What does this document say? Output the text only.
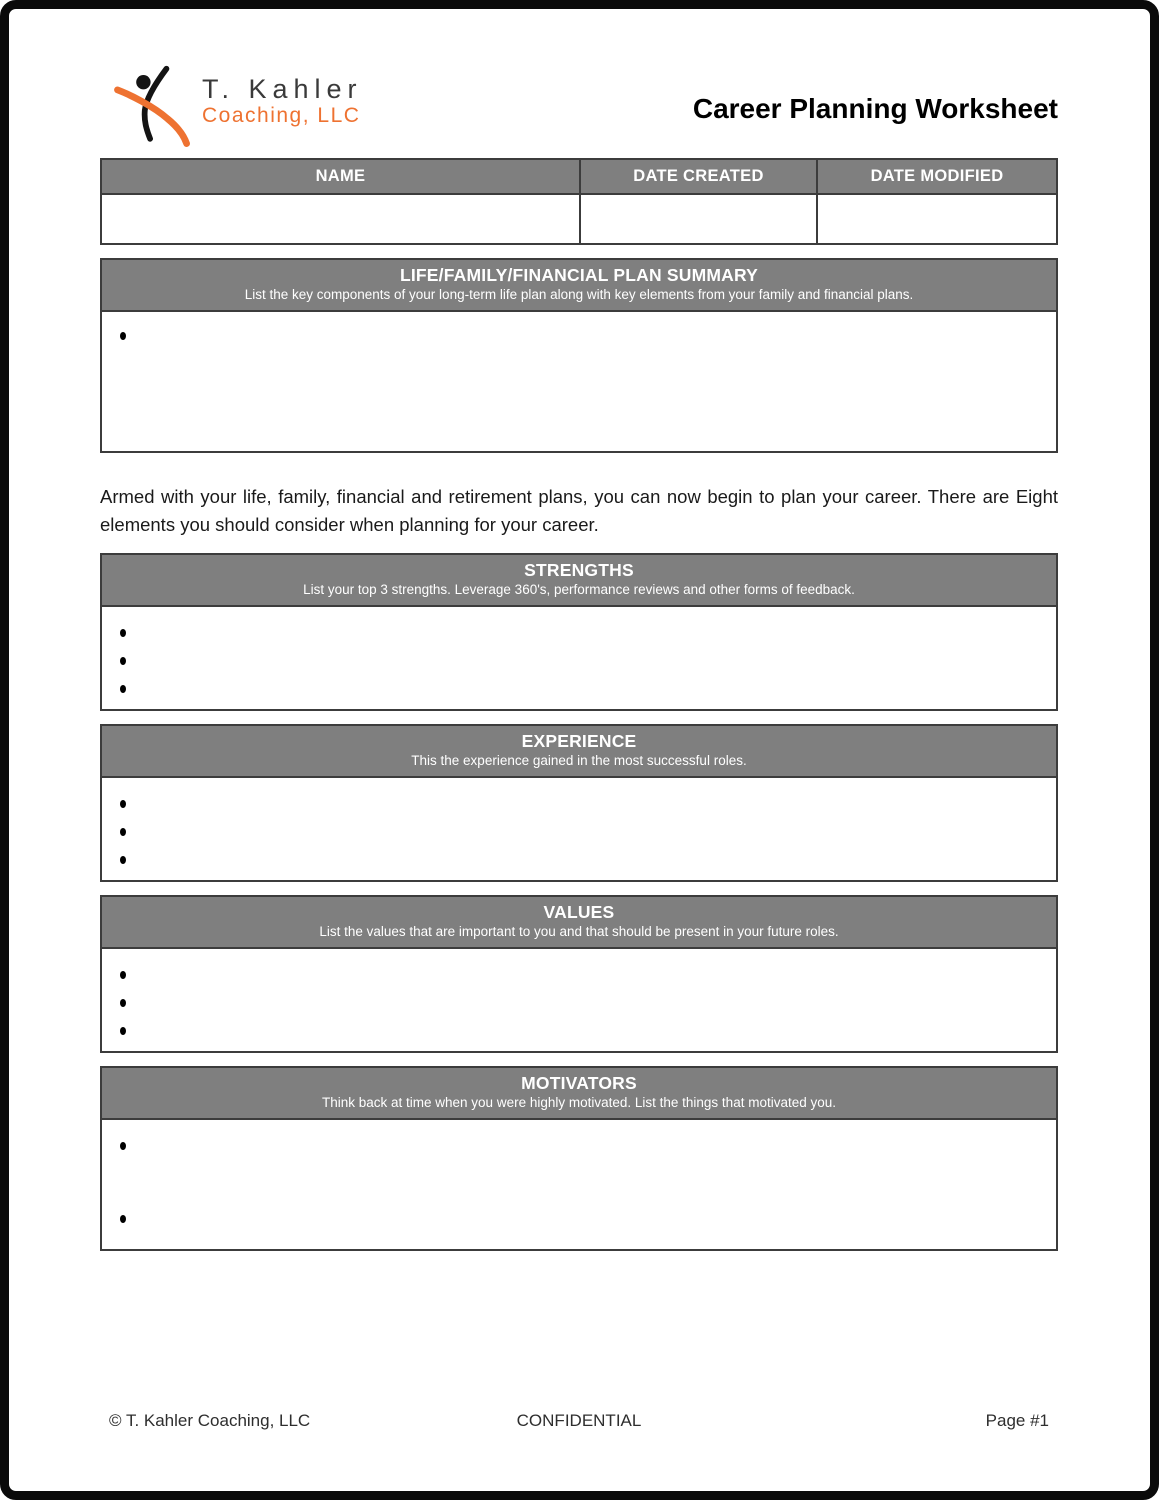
T. Kahler
Coaching, LLC	Career Planning Worksheet
NAME	DATE CREATED	DATE MODIFIED

LIFE/FAMILY/FINANCIAL PLAN SUMMARY
List the key components of your long-term life plan along with key elements from your family and financial plans.

Armed with your life, family, financial and retirement plans, you can now begin to plan your career. There are Eight elements you should consider when planning for your career.

STRENGTHS
List your top 3 strengths. Leverage 360's, performance reviews and other forms of feedback.
EXPERIENCE
This the experience gained in the most successful roles.
VALUES
List the values that are important to you and that should be present in your future roles.
MOTIVATORS
Think back at time when you were highly motivated. List the things that motivated you.
© T. Kahler Coaching, LLC	CONFIDENTIAL	Page #1
